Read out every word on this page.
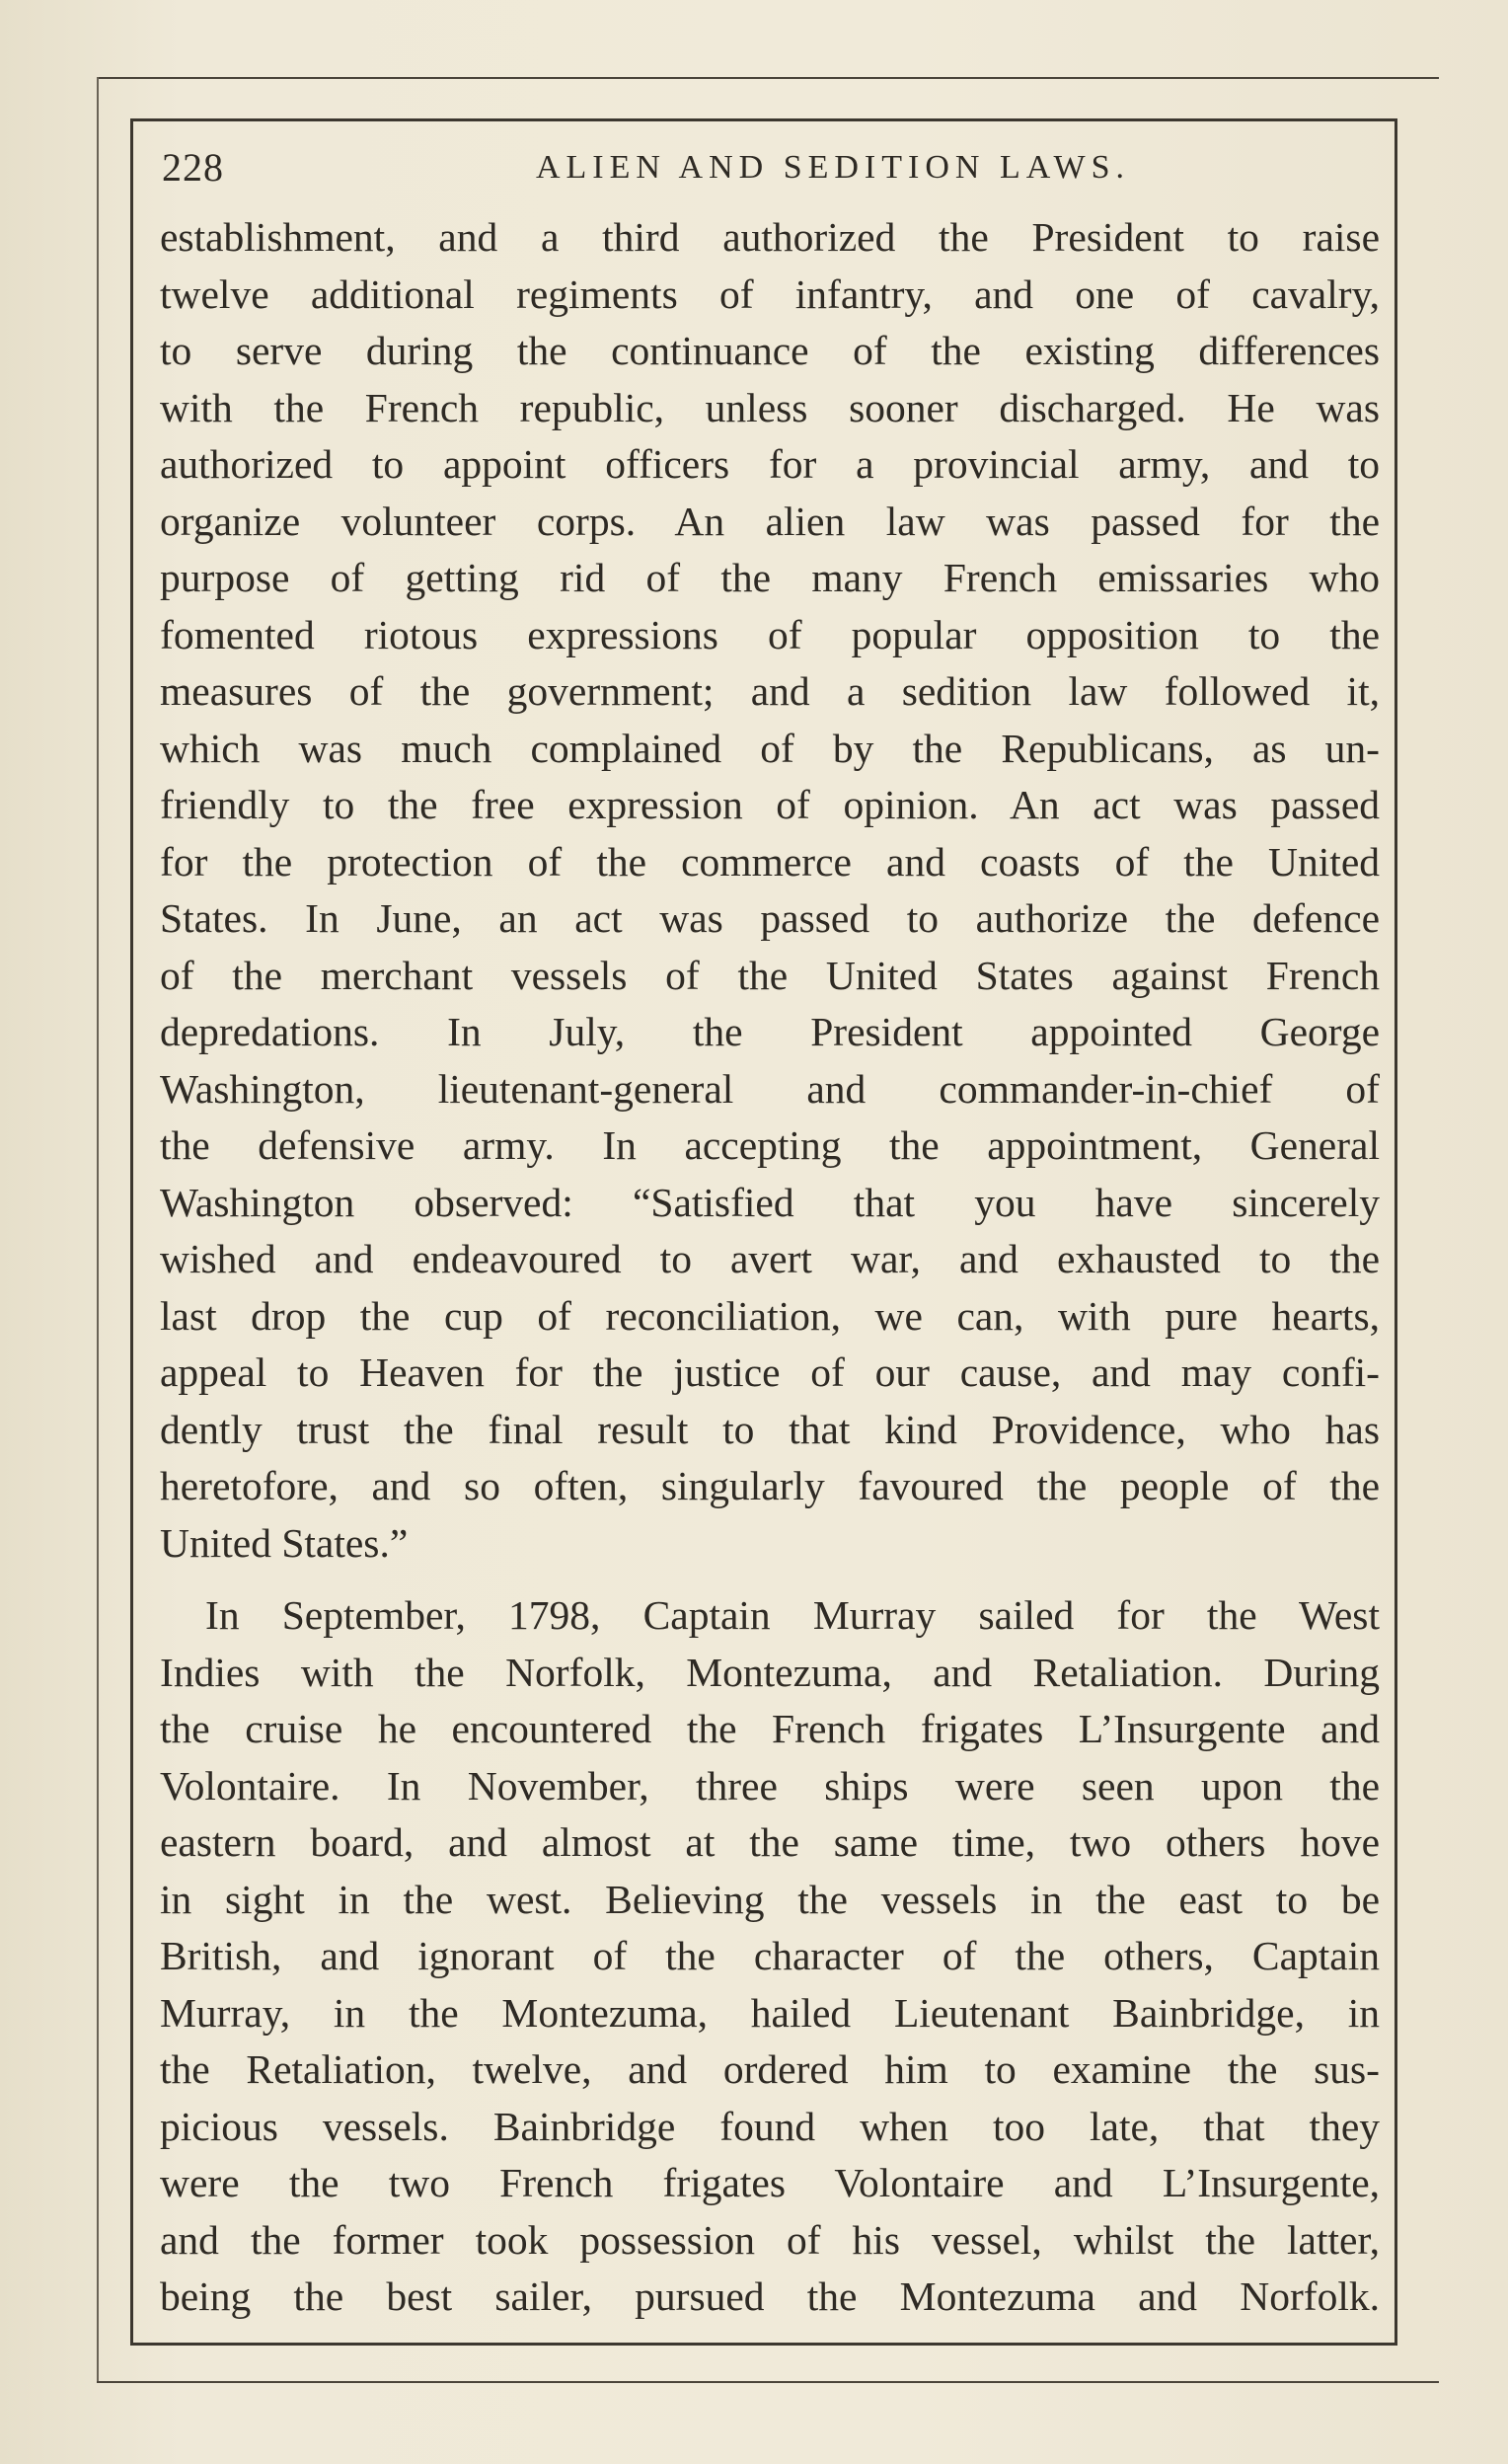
228	ALIEN AND SEDITION LAWS.
establishment, and a third authorized the President to raise
twelve additional regiments of infantry, and one of cavalry,
to serve during the continuance of the existing differences
with the French republic, unless sooner discharged. He was
authorized to appoint officers for a provincial army, and to
organize volunteer corps. An alien law was passed for the
purpose of getting rid of the many French emissaries who
fomented riotous expressions of popular opposition to the
measures of the government; and a sedition law followed it,
which was much complained of by the Republicans, as un-
friendly to the free expression of opinion. An act was passed
for the protection of the commerce and coasts of the United
States. In June, an act was passed to authorize the defence
of the merchant vessels of the United States against French
depredations. In July, the President appointed George
Washington, lieutenant-general and commander-in-chief of
the defensive army. In accepting the appointment, General
Washington observed: “Satisfied that you have sincerely
wished and endeavoured to avert war, and exhausted to the
last drop the cup of reconciliation, we can, with pure hearts,
appeal to Heaven for the justice of our cause, and may confi-
dently trust the final result to that kind Providence, who has
heretofore, and so often, singularly favoured the people of the
United States.”
In September, 1798, Captain Murray sailed for the West
Indies with the Norfolk, Montezuma, and Retaliation. During
the cruise he encountered the French frigates L’Insurgente and
Volontaire. In November, three ships were seen upon the
eastern board, and almost at the same time, two others hove
in sight in the west. Believing the vessels in the east to be
British, and ignorant of the character of the others, Captain
Murray, in the Montezuma, hailed Lieutenant Bainbridge, in
the Retaliation, twelve, and ordered him to examine the sus-
picious vessels. Bainbridge found when too late, that they
were the two French frigates Volontaire and L’Insurgente,
and the former took possession of his vessel, whilst the latter,
being the best sailer, pursued the Montezuma and Norfolk.
